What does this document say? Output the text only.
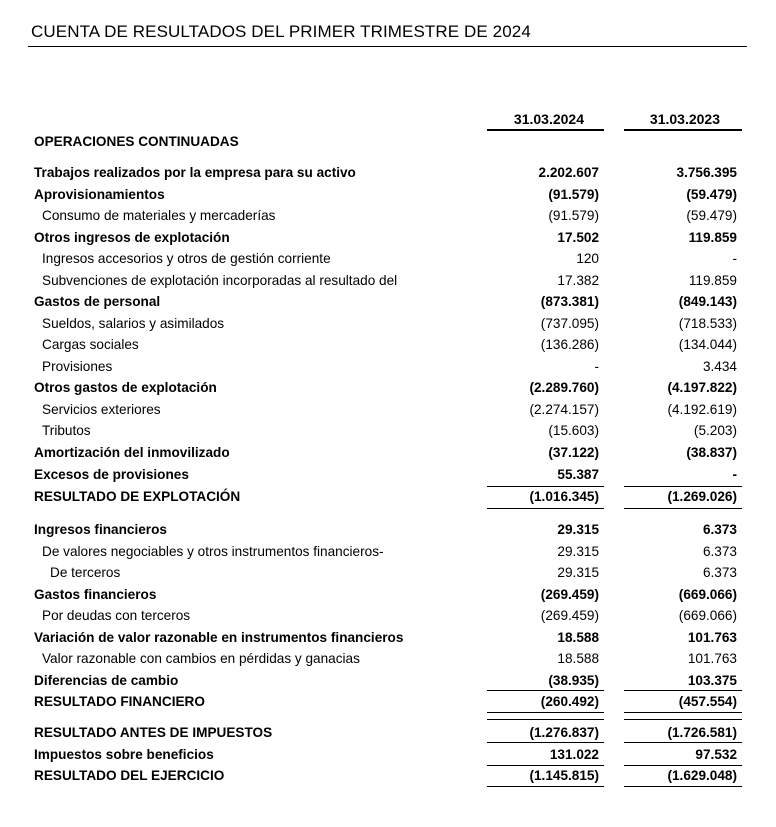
CUENTA DE RESULTADOS DEL PRIMER TRIMESTRE DE 2024
31.03.2024	31.03.2023
OPERACIONES CONTINUADAS
Trabajos realizados por la empresa para su activo	2.202.607	3.756.395
Aprovisionamientos	(91.579)	(59.479)
Consumo de materiales y mercaderías	(91.579)	(59.479)
Otros ingresos de explotación	17.502	119.859
Ingresos accesorios y otros de gestión corriente	120	-
Subvenciones de explotación incorporadas al resultado del	17.382	119.859
Gastos de personal	(873.381)	(849.143)
Sueldos, salarios y asimilados	(737.095)	(718.533)
Cargas sociales	(136.286)	(134.044)
Provisiones	-	3.434
Otros gastos de explotación	(2.289.760)	(4.197.822)
Servicios exteriores	(2.274.157)	(4.192.619)
Tributos	(15.603)	(5.203)
Amortización del inmovilizado	(37.122)	(38.837)
Excesos de provisiones	55.387	-
RESULTADO DE EXPLOTACIÓN	(1.016.345)	(1.269.026)
Ingresos financieros	29.315	6.373
De valores negociables y otros instrumentos financieros-	29.315	6.373
De terceros	29.315	6.373
Gastos financieros	(269.459)	(669.066)
Por deudas con terceros	(269.459)	(669.066)
Variación de valor razonable en instrumentos financieros	18.588	101.763
Valor razonable con cambios en pérdidas y ganacias	18.588	101.763
Diferencias de cambio	(38.935)	103.375
RESULTADO FINANCIERO	(260.492)	(457.554)
RESULTADO ANTES DE IMPUESTOS	(1.276.837)	(1.726.581)
Impuestos sobre beneficios	131.022	97.532
RESULTADO DEL EJERCICIO	(1.145.815)	(1.629.048)
